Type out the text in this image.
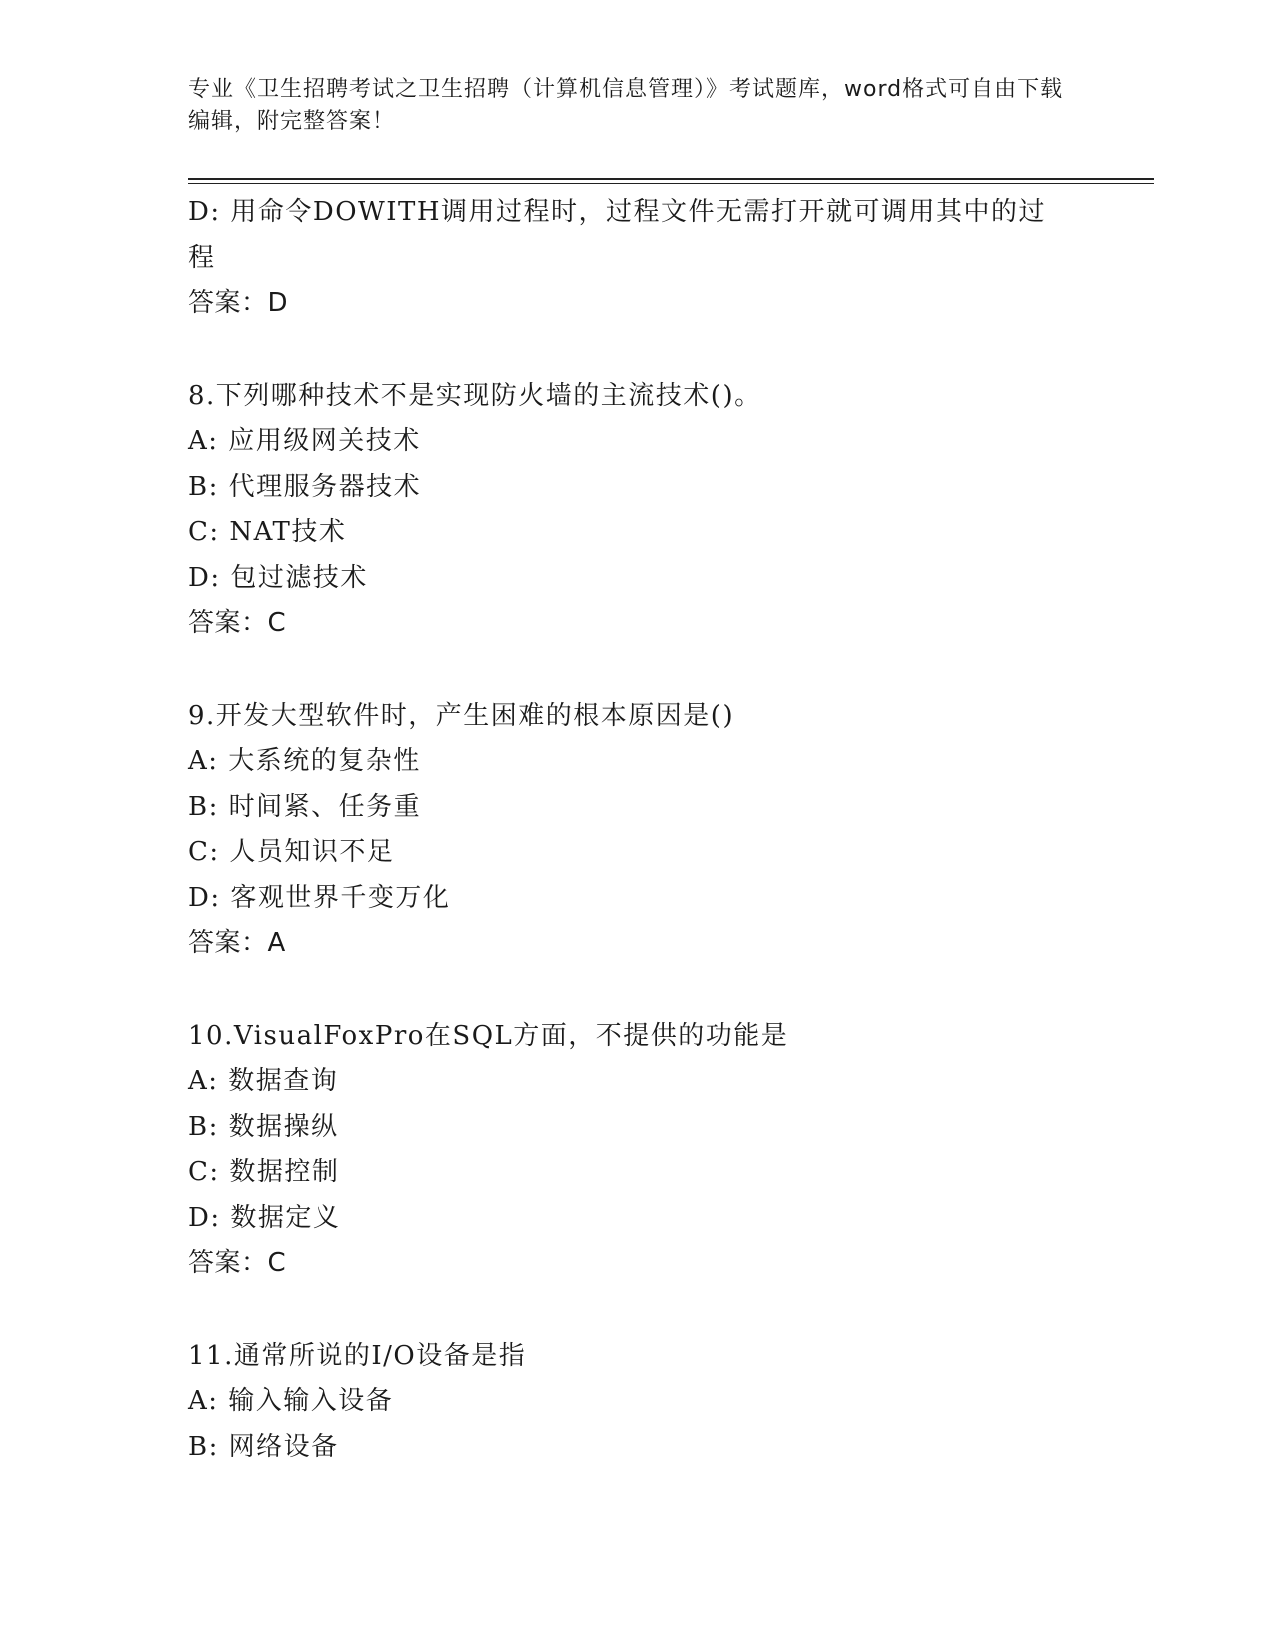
专业《卫生招聘考试之卫生招聘（计算机信息管理）》考试题库，word格式可自由下载编辑，附完整答案！
D: 用命令DOWITH调用过程时，过程文件无需打开就可调用其中的过
程
答案：D
8.下列哪种技术不是实现防火墙的主流技术()。
A: 应用级网关技术
B: 代理服务器技术
C: NAT技术
D: 包过滤技术
答案：C
9.开发大型软件时，产生困难的根本原因是()
A: 大系统的复杂性
B: 时间紧、任务重
C: 人员知识不足
D: 客观世界千变万化
答案：A
10.VisualFoxPro在SQL方面，不提供的功能是
A: 数据查询
B: 数据操纵
C: 数据控制
D: 数据定义
答案：C
11.通常所说的I/O设备是指
A: 输入输入设备
B: 网络设备
